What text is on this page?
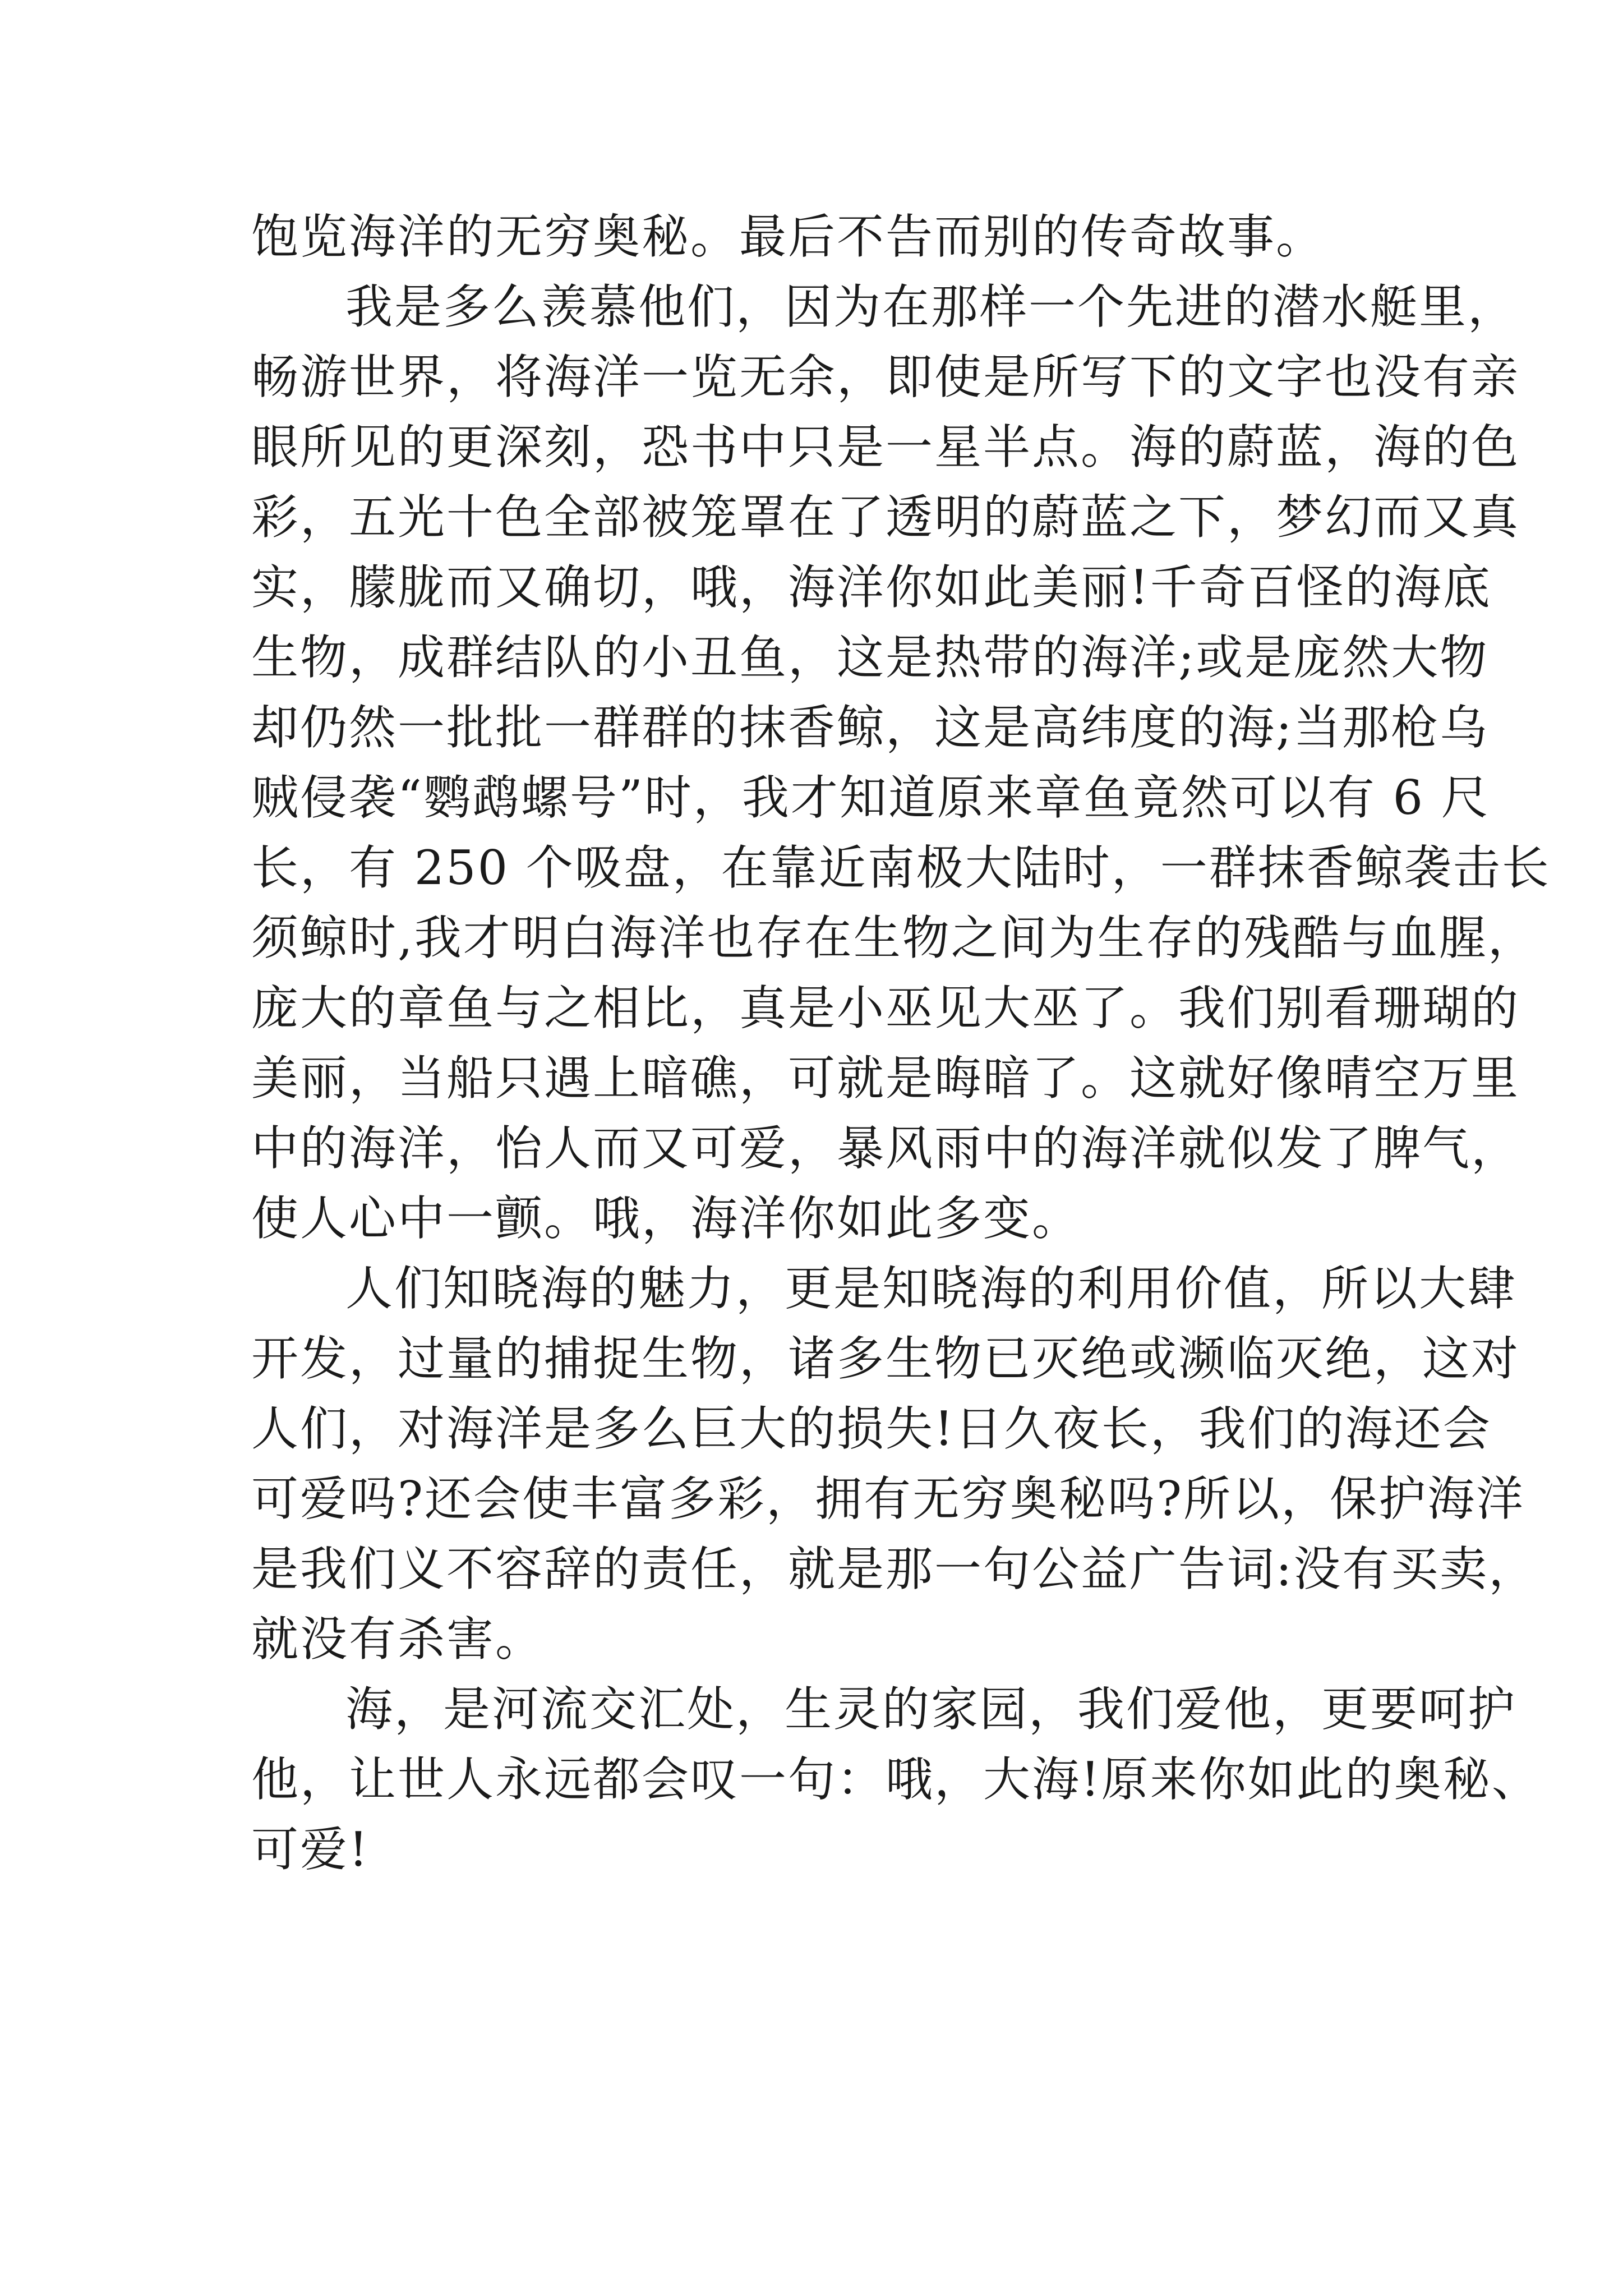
饱览海洋的无穷奥秘。最后不告而别的传奇故事。
我是多么羡慕他们，因为在那样一个先进的潜水艇里，
畅游世界，将海洋一览无余，即使是所写下的文字也没有亲
眼所见的更深刻，恐书中只是一星半点。海的蔚蓝，海的色
彩，五光十色全部被笼罩在了透明的蔚蓝之下，梦幻而又真
实，朦胧而又确切，哦，海洋你如此美丽!千奇百怪的海底
生物，成群结队的小丑鱼，这是热带的海洋;或是庞然大物
却仍然一批批一群群的抹香鲸，这是高纬度的海;当那枪乌
贼侵袭“鹦鹉螺号”时，我才知道原来章鱼竟然可以有 6 尺
长，有 250 个吸盘，在靠近南极大陆时，一群抹香鲸袭击长
须鲸时,我才明白海洋也存在生物之间为生存的残酷与血腥，
庞大的章鱼与之相比，真是小巫见大巫了。我们别看珊瑚的
美丽，当船只遇上暗礁，可就是晦暗了。这就好像晴空万里
中的海洋，怡人而又可爱，暴风雨中的海洋就似发了脾气，
使人心中一颤。哦，海洋你如此多变。
人们知晓海的魅力，更是知晓海的利用价值，所以大肆
开发，过量的捕捉生物，诸多生物已灭绝或濒临灭绝，这对
人们，对海洋是多么巨大的损失!日久夜长，我们的海还会
可爱吗?还会使丰富多彩，拥有无穷奥秘吗?所以，保护海洋
是我们义不容辞的责任，就是那一句公益广告词:没有买卖，
就没有杀害。
海，是河流交汇处，生灵的家园，我们爱他，更要呵护
他，让世人永远都会叹一句：哦，大海!原来你如此的奥秘、
可爱!
